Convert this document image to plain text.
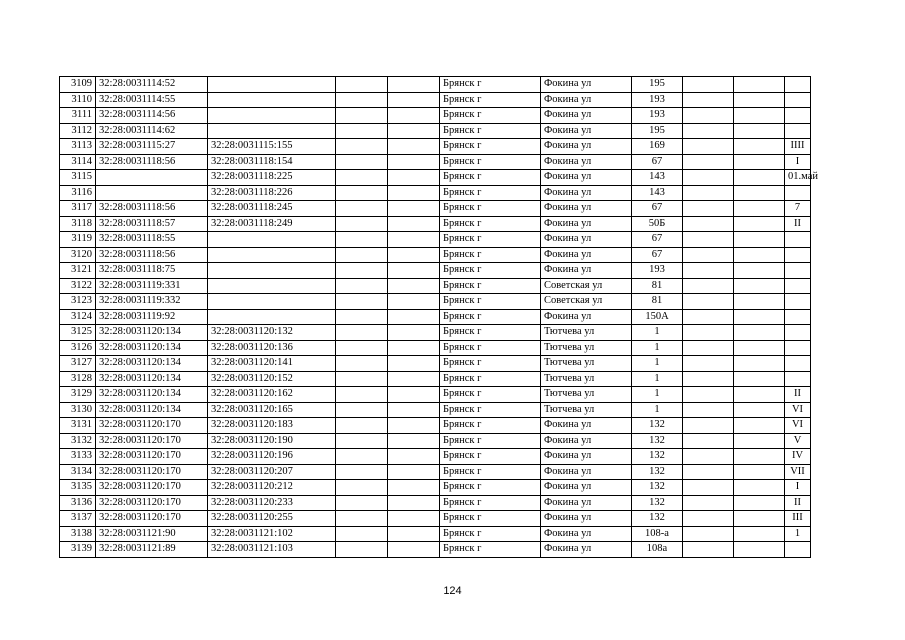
3109	32:28:0031114:52				Брянск г	Фокина ул	195			
3110	32:28:0031114:55				Брянск г	Фокина ул	193			
3111	32:28:0031114:56				Брянск г	Фокина ул	193			
3112	32:28:0031114:62				Брянск г	Фокина ул	195			
3113	32:28:0031115:27	32:28:0031115:155			Брянск г	Фокина ул	169			IIII
3114	32:28:0031118:56	32:28:0031118:154			Брянск г	Фокина ул	67			I
3115		32:28:0031118:225			Брянск г	Фокина ул	143			01.май
3116		32:28:0031118:226			Брянск г	Фокина ул	143			
3117	32:28:0031118:56	32:28:0031118:245			Брянск г	Фокина ул	67			7
3118	32:28:0031118:57	32:28:0031118:249			Брянск г	Фокина ул	50Б			II
3119	32:28:0031118:55				Брянск г	Фокина ул	67			
3120	32:28:0031118:56				Брянск г	Фокина ул	67			
3121	32:28:0031118:75				Брянск г	Фокина ул	193			
3122	32:28:0031119:331				Брянск г	Советская ул	81			
3123	32:28:0031119:332				Брянск г	Советская ул	81			
3124	32:28:0031119:92				Брянск г	Фокина ул	150А			
3125	32:28:0031120:134	32:28:0031120:132			Брянск г	Тютчева ул	1			
3126	32:28:0031120:134	32:28:0031120:136			Брянск г	Тютчева ул	1			
3127	32:28:0031120:134	32:28:0031120:141			Брянск г	Тютчева ул	1			
3128	32:28:0031120:134	32:28:0031120:152			Брянск г	Тютчева ул	1			
3129	32:28:0031120:134	32:28:0031120:162			Брянск г	Тютчева ул	1			II
3130	32:28:0031120:134	32:28:0031120:165			Брянск г	Тютчева ул	1			VI
3131	32:28:0031120:170	32:28:0031120:183			Брянск г	Фокина ул	132			VI
3132	32:28:0031120:170	32:28:0031120:190			Брянск г	Фокина ул	132			V
3133	32:28:0031120:170	32:28:0031120:196			Брянск г	Фокина ул	132			IV
3134	32:28:0031120:170	32:28:0031120:207			Брянск г	Фокина ул	132			VII
3135	32:28:0031120:170	32:28:0031120:212			Брянск г	Фокина ул	132			I
3136	32:28:0031120:170	32:28:0031120:233			Брянск г	Фокина ул	132			II
3137	32:28:0031120:170	32:28:0031120:255			Брянск г	Фокина ул	132			III
3138	32:28:0031121:90	32:28:0031121:102			Брянск г	Фокина ул	108-а			1
3139	32:28:0031121:89	32:28:0031121:103			Брянск г	Фокина ул	108а			
124
